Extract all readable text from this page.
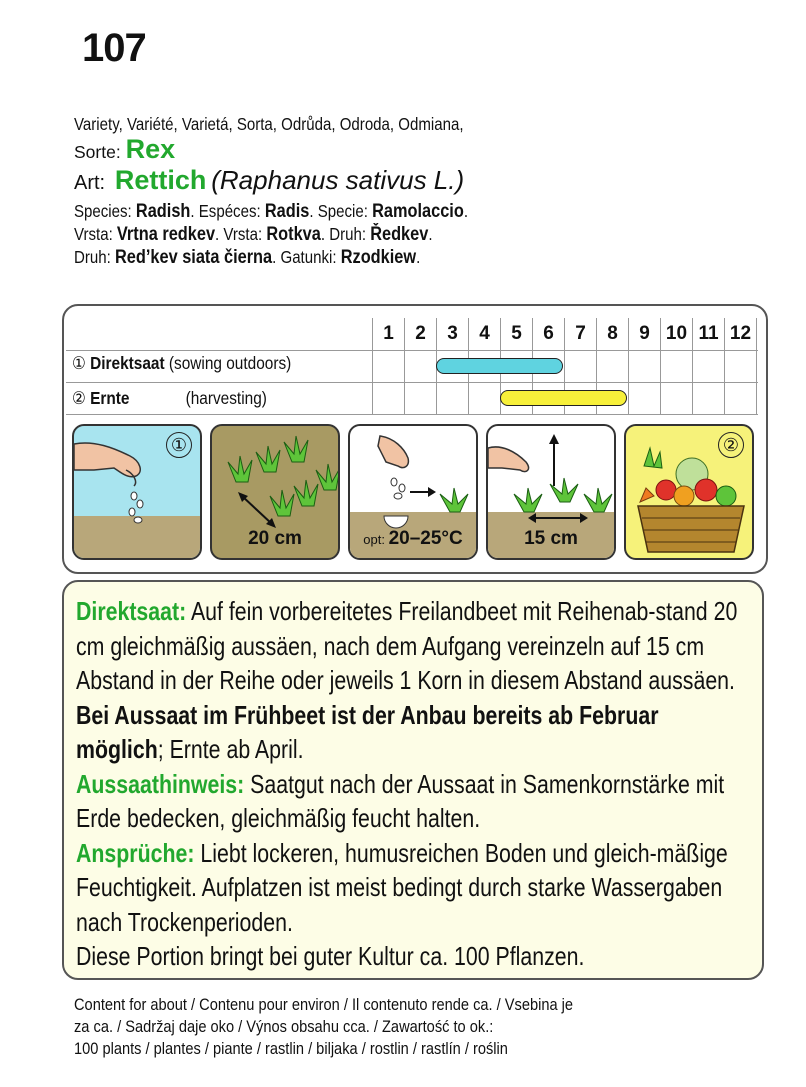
107
Variety, Variété, Varietá, Sorta, Odrůda, Odroda, Odmiana,
Sorte: Rex
Art: Rettich (Raphanus sativus L.)
Species: Radish. Espéces: Radis. Specie: Ramolaccio.
Vrsta: Vrtna redkev. Vrsta: Rotkva. Druh: Ředkev.
Druh: Red’kev siata čierna. Gatunki: Rzodkiew.
1	2	3	4	5	6	7	8	9 10 11 12
① Direktsaat (sowing outdoors)
② Ernte	(harvesting)
①
20 cm	opt: 20–25°C	15 cm
②

Direktsaat: Auf fein vorbereitetes Freilandbeet mit Reihenab-stand 20 cm gleichmäßig aussäen, nach dem Aufgang vereinzeln auf 15 cm Abstand in der Reihe oder jeweils 1 Korn in diesem Abstand aussäen. Bei Aussaat im Frühbeet ist der Anbau bereits ab Februar möglich; Ernte ab April.
Aussaathinweis: Saatgut nach der Aussaat in Samenkornstärke mit Erde bedecken, gleichmäßig feucht halten.
Ansprüche: Liebt lockeren, humusreichen Boden und gleich-mäßige Feuchtigkeit. Aufplatzen ist meist bedingt durch starke Wassergaben nach Trockenperioden.
Diese Portion bringt bei guter Kultur ca. 100 Pflanzen.

Content for about / Contenu pour environ / Il contenuto rende ca. / Vsebina je
za ca. / Sadržaj daje oko / Výnos obsahu cca. / Zawartość to ok.:
100 plants / plantes / piante / rastlin / biljaka / rostlin / rastlín / roślin
